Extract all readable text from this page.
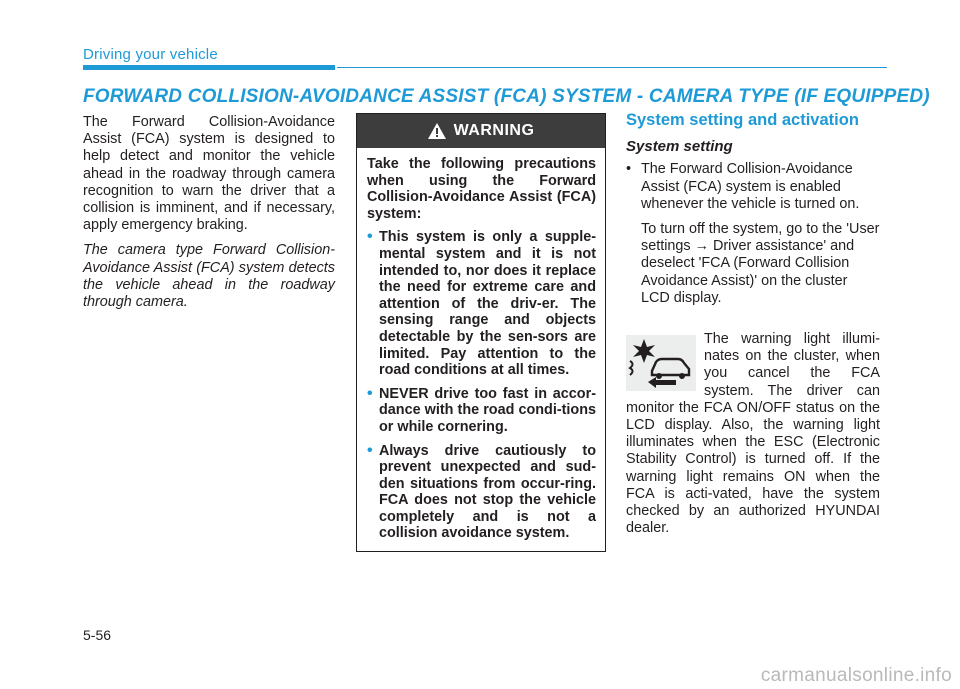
Driving your vehicle
FORWARD COLLISION-AVOIDANCE ASSIST (FCA) SYSTEM - CAMERA TYPE (IF EQUIPPED)

The Forward Collision-Avoidance Assist (FCA) system is designed to help detect and monitor the vehicle ahead in the roadway through camera recognition to warn the driver that a collision is imminent, and if necessary, apply emergency braking.

The camera type Forward Collision-Avoidance Assist (FCA) system detects the vehicle ahead in the roadway through camera.

WARNING

Take the following precautions when using the Forward Collision-Avoidance Assist (FCA) system:

• This system is only a supple-mental system and it is not intended to, nor does it replace the need for extreme care and attention of the driv-er. The sensing range and objects detectable by the sen-sors are limited. Pay attention to the road conditions at all times.
• NEVER drive too fast in accor-dance with the road condi-tions or while cornering.
• Always drive cautiously to prevent unexpected and sud-den situations from occur-ring. FCA does not stop the vehicle completely and is not a collision avoidance system.
System setting and activation
System setting

• The Forward Collision-Avoidance Assist (FCA) system is enabled whenever the vehicle is turned on.

To turn off the system, go to the 'User settings → Driver assistance' and deselect 'FCA (Forward Collision Avoidance Assist)' on the cluster LCD display.

The warning light illumi-nates on the cluster, when you cancel the FCA system. The driver can monitor the FCA ON/OFF status on the LCD display. Also, the warning light illuminates when the ESC (Electronic Stability Control) is turned off. If the warning light remains ON when the FCA is acti-vated, have the system checked by an authorized HYUNDAI dealer.

5-56
carmanualsonline.info
